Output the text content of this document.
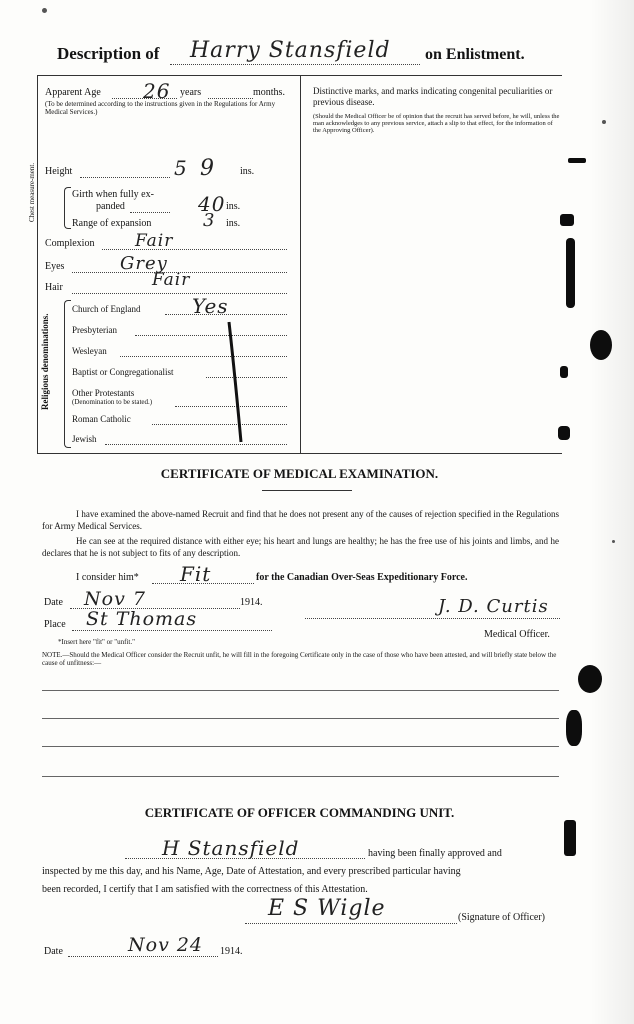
Description of Harry Stansfield on Enlistment.
Apparent Age 26 years	months.
(To be determined according to the instructions given in the Regulations for Army Medical Services.)
Height	5 9	ins.
Chest measure-ment.	Girth when fully ex-
panded	40 ins.
Range of expansion	3 ins.
Complexion Fair
Eyes	Grey
Hair	Fair
Religious denominations.
Church of England	Yes
Presbyterian
Wesleyan
Baptist or Congregationalist
Other Protestants
(Denomination to be stated.)
Roman Catholic
Jewish
Distinctive marks, and marks indicating congenital peculiarities or previous disease.
(Should the Medical Officer be of opinion that the recruit has served before, he will, unless the man acknowledges to any previous service, attach a slip to that effect, for the information of the Approving Officer).
CERTIFICATE OF MEDICAL EXAMINATION.
I have examined the above-named Recruit and find that he does not present any of the causes of rejection specified in the Regulations for Army Medical Services.
He can see at the required distance with either eye; his heart and lungs are healthy; he has the free use of his joints and limbs, and he declares that he is not subject to fits of any description.
I consider him* Fit	for the Canadian Over-Seas Expeditionary Force.
Date Nov 7	1914.
Place St Thomas
J. D. Curtis
Medical Officer.
*Insert here "fit" or "unfit."
NOTE.—Should the Medical Officer consider the Recruit unfit, he will fill in the foregoing Certificate only in the case of those who have been attested, and will briefly state below the cause of unfitness:—
CERTIFICATE OF OFFICER COMMANDING UNIT.
H Stansfield	having been finally approved and
inspected by me this day, and his Name, Age, Date of Attestation, and every prescribed particular having
been recorded, I certify that I am satisfied with the correctness of this Attestation.
E S Wigle	(Signature of Officer)
Date	Nov 24 1914.
